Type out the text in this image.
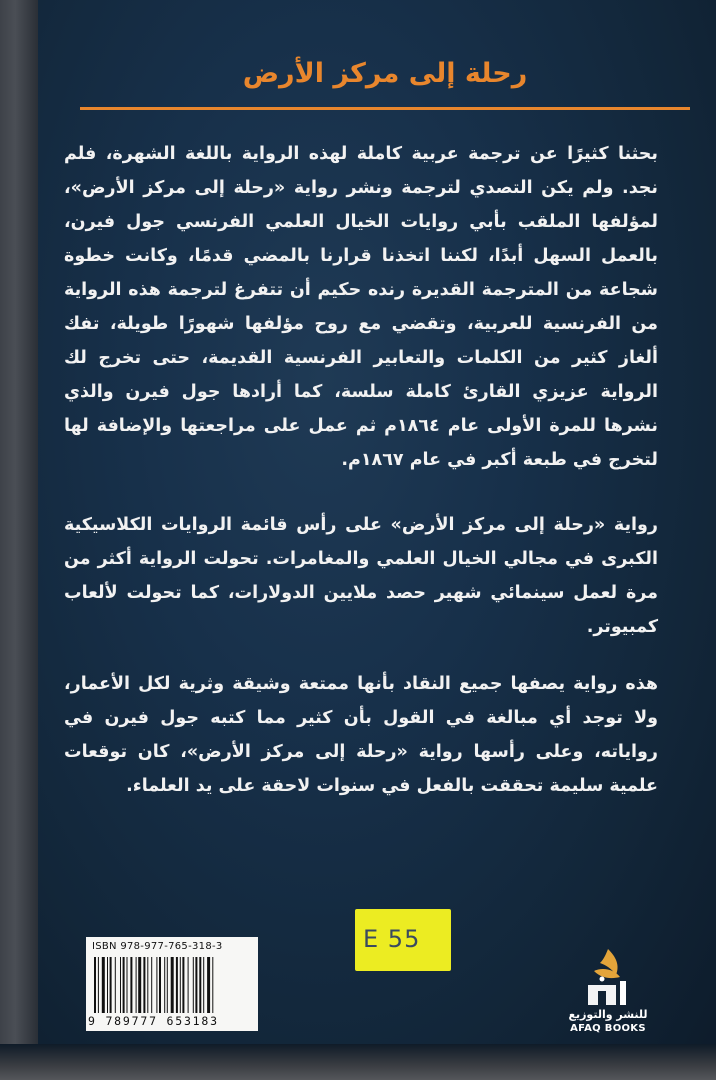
رحلة إلى مركز الأرض
بحثنا كثيرًا عن ترجمة عربية كاملة لهذه الرواية باللغة الشهرة، فلم نجد. ولم يكن التصدي لترجمة ونشر رواية «رحلة إلى مركز الأرض»، لمؤلفها الملقب بأبي روايات الخيال العلمي الفرنسي جول فيرن، بالعمل السهل أبدًا، لكننا اتخذنا قرارنا بالمضي قدمًا، وكانت خطوة شجاعة من المترجمة القديرة رنده حكيم أن تتفرغ لترجمة هذه الرواية من الفرنسية للعربية، وتقضي مع روح مؤلفها شهورًا طويلة، تفك ألغاز كثير من الكلمات والتعابير الفرنسية القديمة، حتى تخرج لك الرواية عزيزي القارئ كاملة سلسة، كما أرادها جول فيرن والذي نشرها للمرة الأولى عام ١٨٦٤م ثم عمل على مراجعتها والإضافة لها لتخرج في طبعة أكبر في عام ١٨٦٧م.
رواية «رحلة إلى مركز الأرض» على رأس قائمة الروايات الكلاسيكية الكبرى في مجالي الخيال العلمي والمغامرات. تحولت الرواية أكثر من مرة لعمل سينمائي شهير حصد ملايين الدولارات، كما تحولت لألعاب كمبيوتر.
هذه رواية يصفها جميع النقاد بأنها ممتعة وشيقة وثرية لكل الأعمار، ولا توجد أي مبالغة في القول بأن كثير مما كتبه جول فيرن في رواياته، وعلى رأسها رواية «رحلة إلى مركز الأرض»، كان توقعات علمية سليمة تحققت بالفعل في سنوات لاحقة على يد العلماء.
E 55
ISBN 978-977-765-318-3
9 789777 653183	للنشر والتوزيع
AFAQ BOOKS
